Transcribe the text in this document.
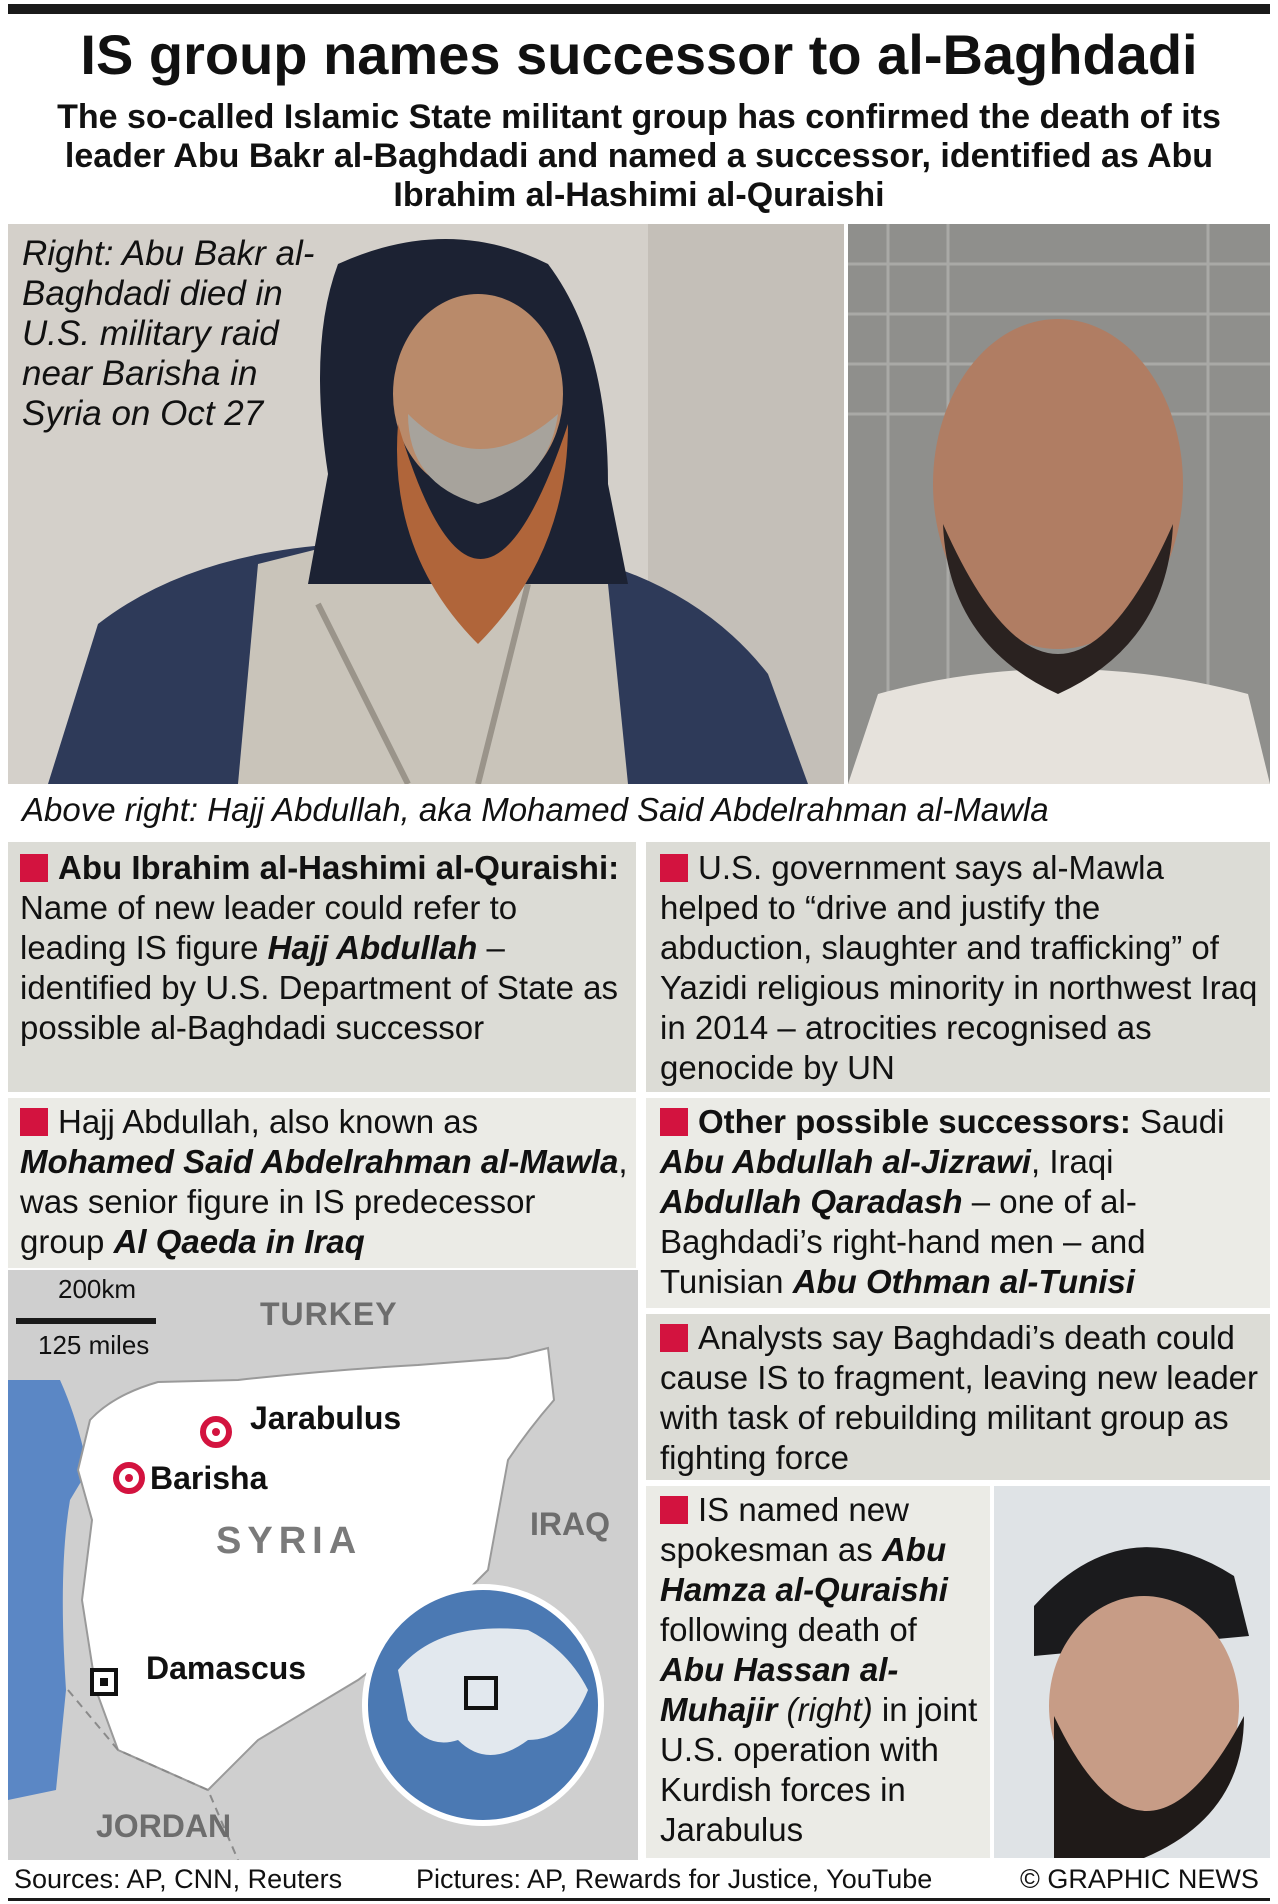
IS group names successor to al-Baghdadi
The so-called Islamic State militant group has confirmed the death of its leader Abu Bakr al-Baghdadi and named a successor, identified as Abu Ibrahim al-Hashimi al-Quraishi
Right: Abu Bakr al-Baghdadi died in U.S. military raid near Barisha in Syria on Oct 27
Above right: Hajj Abdullah, aka Mohamed Said Abdelrahman al-Mawla
Abu Ibrahim al-Hashimi al-Quraishi: Name of new leader could refer to leading IS figure Hajj Abdullah – identified by U.S. Department of State as possible al-Baghdadi successor
Hajj Abdullah, also known as Mohamed Said Abdelrahman al-Mawla, was senior figure in IS predecessor group Al Qaeda in Iraq
U.S. government says al-Mawla helped to “drive and justify the abduction, slaughter and trafficking” of Yazidi religious minority in northwest Iraq in 2014 – atrocities recognised as genocide by UN
Other possible successors: Saudi Abu Abdullah al-Jizrawi, Iraqi Abdullah Qaradash – one of al-Baghdadi’s right-hand men – and Tunisian Abu Othman al-Tunisi
Analysts say Baghdadi’s death could cause IS to fragment, leaving new leader with task of rebuilding militant group as fighting force
IS named new spokesman as Abu Hamza al-Quraishi following death of Abu Hassan al-Muhajir (right) in joint U.S. operation with Kurdish forces in Jarabulus
200km
125 miles
TURKEY
Jarabulus
Barisha
SYRIA	IRAQ
Damascus
JORDAN
Sources: AP, CNN, Reuters	Pictures: AP, Rewards for Justice, YouTube	© GRAPHIC NEWS
